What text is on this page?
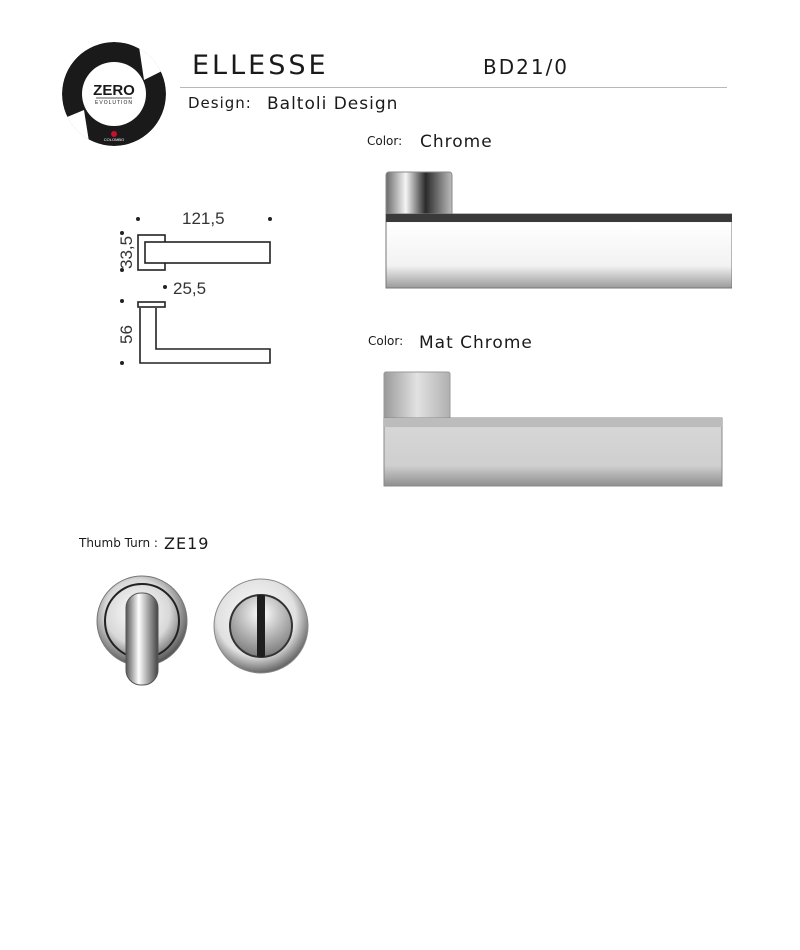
ZERO
EVOLUTION
COLOMBO
ELLESSE	BD21/0
Design: Baltoli Design
Color: Chrome
Color: Mat Chrome
121,5
33,5
25,5
56
Thumb Turn : ZE19
